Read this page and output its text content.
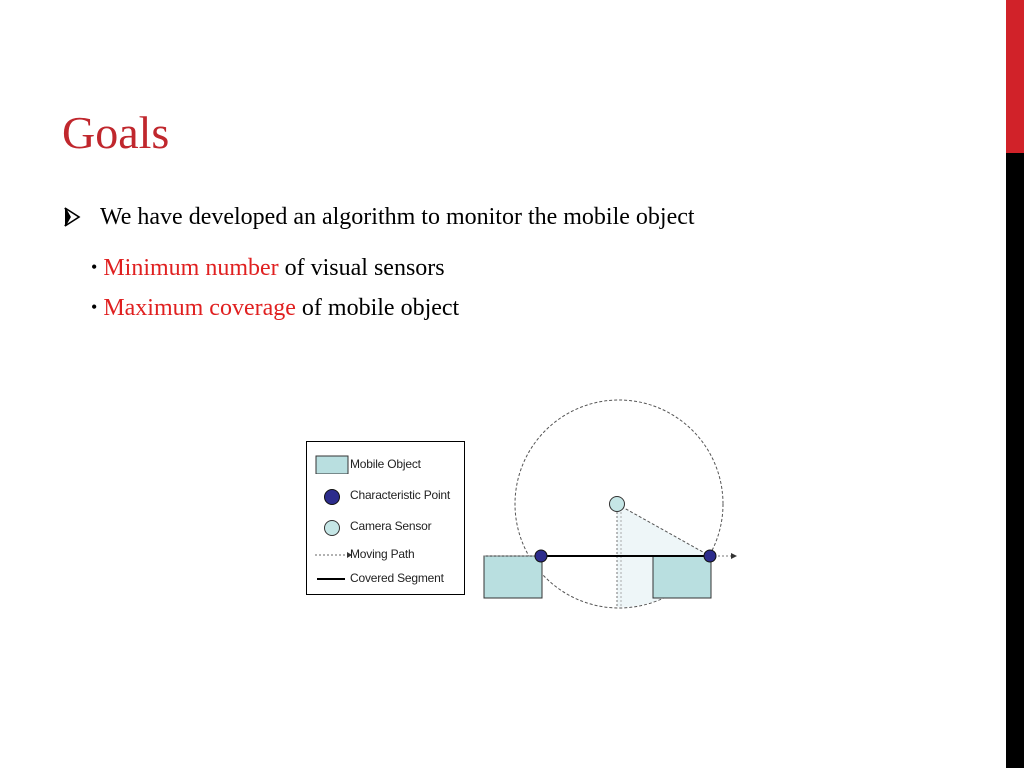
Goals
We have developed an algorithm to monitor the mobile object
• Minimum number of visual sensors
• Maximum coverage of mobile object
Mobile Object
Characteristic Point
Camera Sensor
Moving Path
Covered Segment
